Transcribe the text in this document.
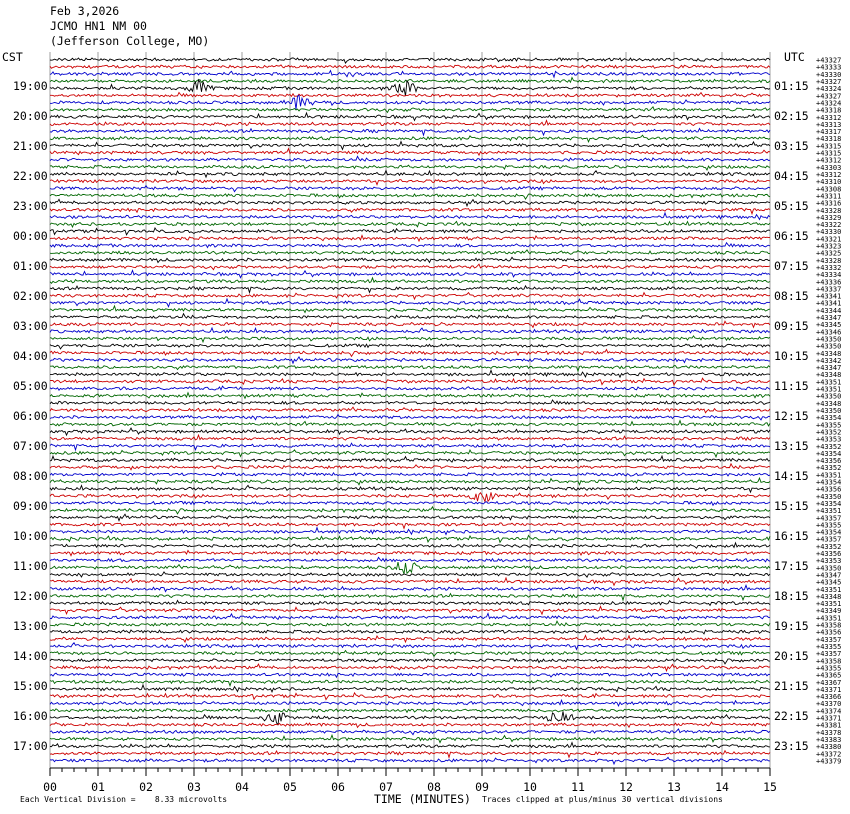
Feb 3,2026
JCMO HN1 NM 00
(Jefferson College, MO)
CST	UTC +43327
+43333
+43330
+43327
+43324
+43327
+43324
+43318
+43312
+43313
+43317
+43318
+43315
+43315
+43312
+43303
+43312
+43310
+43308
+43311
+43316
+43328
+43329
+43322
+43330
+43321
+43323
+43325
+43328
+43332
+43334
+43336
+43337
+43341
+43341
+43344
+43347
+43345
+43346
+43350
+43350
+43348
+43342
+43347
+43348
+43351
+43351
+43350
+43348
+43350
+43354
+43355
+43352
+43353
+43352
+43354
+43356
+43352
+43351
+43354
+43356
+43350
+43354
+43351
+43357
+43355
+43354
+43357
+43352
+43356
+43353
+43350
+43347
+43345
+43351
+43348
+43351
+43349
+43351
+43358
+43356
+43357
+43355
+43357
+43358
+43355
+43365
+43367
+43371
+43366
+43370
+43374
+43371
+43381
+43378
+43383
+43380
+43372
+43379
19:00
20:00
21:00
22:00
23:00
00:00
01:00
02:00
03:00
04:00
05:00
06:00
07:00
08:00
09:00
10:00
11:00
12:00
13:00
14:00
15:00
16:00
17:00
01:15
02:15
03:15
04:15
05:15
06:15
07:15
08:15
09:15
10:15
11:15
12:15
13:15
14:15
15:15
16:15
17:15
18:15
19:15
20:15
21:15
22:15
23:15
00	01	02	03	04	05	06	07	08	09	10	11	12	13	14	15
Each Vertical Division =    8.33 microvolts	TIME (MINUTES) Traces clipped at plus/minus 30 vertical divisions
